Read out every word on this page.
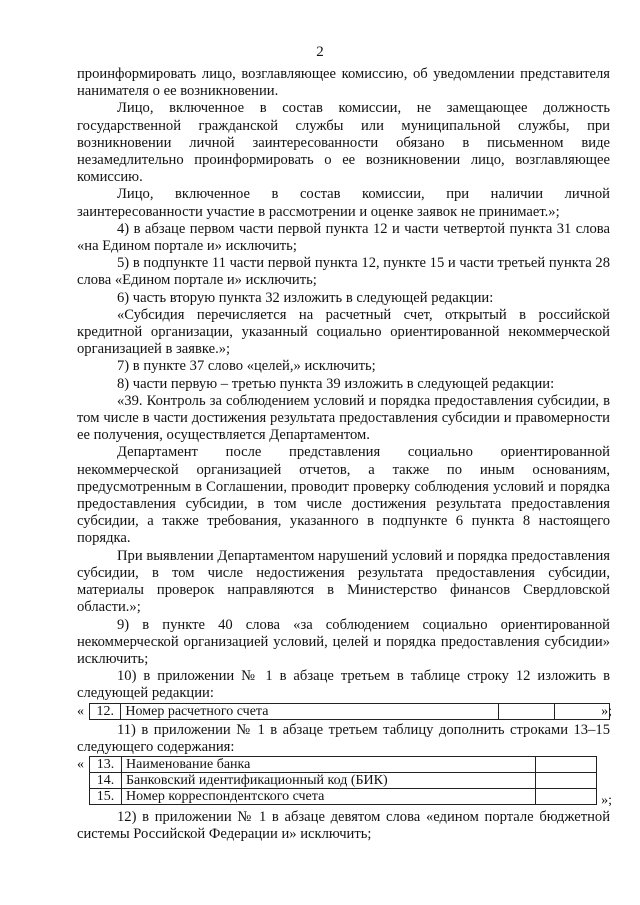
2

проинформировать лицо, возглавляющее комиссию, об уведомлении представителя нанимателя о ее возникновении.

Лицо, включенное в состав комиссии, не замещающее должность государственной гражданской службы или муниципальной службы, при возникновении личной заинтересованности обязано в письменном виде незамедлительно проинформировать о ее возникновении лицо, возглавляющее комиссию.

Лицо, включенное в состав комиссии, при наличии личной заинтересованности участие в рассмотрении и оценке заявок не принимает.»;

4) в абзаце первом части первой пункта 12 и части четвертой пункта 31 слова «на Едином портале и» исключить;

5) в подпункте 11 части первой пункта 12, пункте 15 и части третьей пункта 28 слова «Едином портале и» исключить;

6) часть вторую пункта 32 изложить в следующей редакции:

«Субсидия перечисляется на расчетный счет, открытый в российской кредитной организации, указанный социально ориентированной некоммерческой организацией в заявке.»;

7) в пункте 37 слово «целей,» исключить;

8) части первую – третью пункта 39 изложить в следующей редакции:

«39. Контроль за соблюдением условий и порядка предоставления субсидии, в том числе в части достижения результата предоставления субсидии и правомерности ее получения, осуществляется Департаментом.

Департамент после представления социально ориентированной некоммерческой организацией отчетов, а также по иным основаниям, предусмотренным в Соглашении, проводит проверку соблюдения условий и порядка предоставления субсидии, в том числе достижения результата предоставления субсидии, а также требования, указанного в подпункте 6 пункта 8 настоящего порядка.

При выявлении Департаментом нарушений условий и порядка предоставления субсидии, в том числе недостижения результата предоставления субсидии, материалы проверок направляются в Министерство финансов Свердловской области.»;

9) в пункте 40 слова «за соблюдением социально ориентированной некоммерческой организацией условий, целей и порядка предоставления субсидии» исключить;

10) в приложении № 1 в абзаце третьем в таблице строку 12 изложить в следующей редакции:

« 12.	Номер расчетного счета			»;

11) в приложении № 1 в абзаце третьем таблицу дополнить строками 13–15 следующего содержания:

« 13.	Наименование банка	
14.	Банковский идентификационный код (БИК)	
15.	Номер корреспондентского счета		»;

12) в приложении № 1 в абзаце девятом слова «едином портале бюджетной системы Российской Федерации и» исключить;
